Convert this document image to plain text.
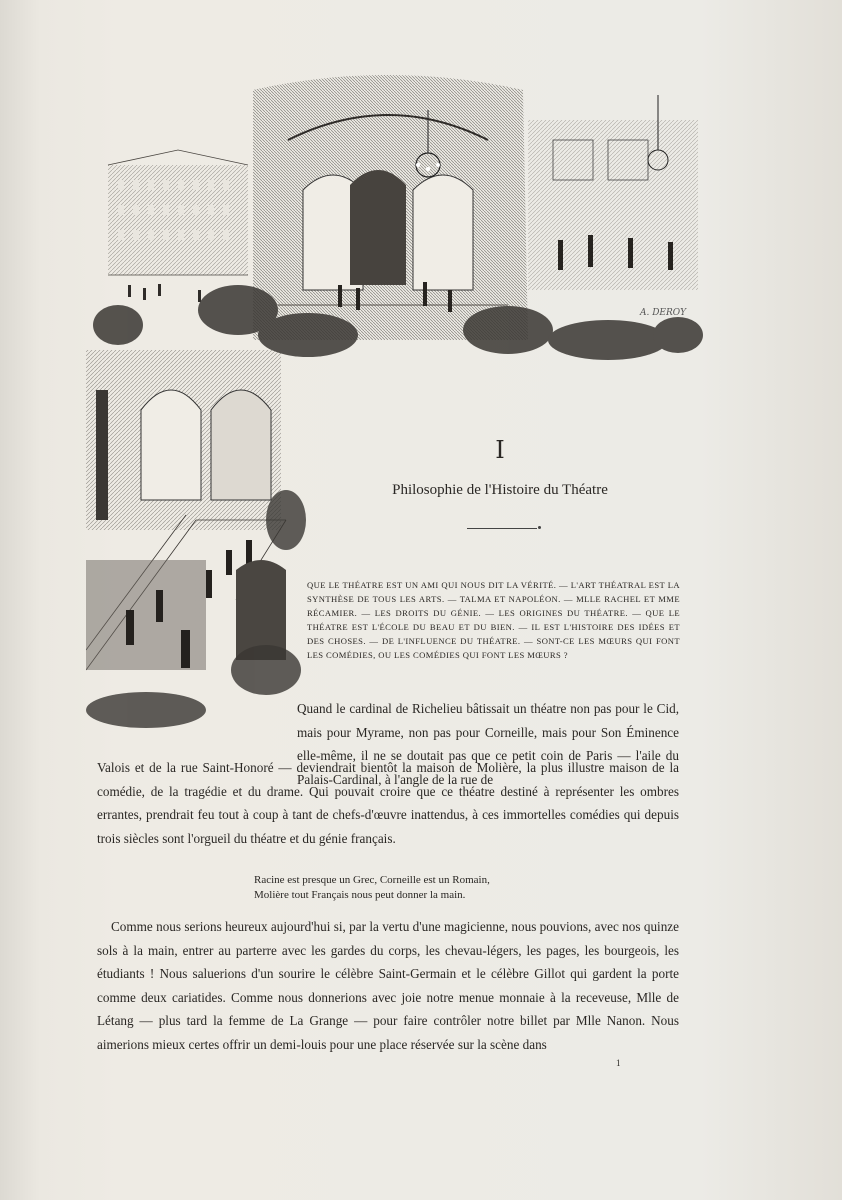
A. DEROY
I
Philosophie de l'Histoire du Théatre
QUE LE THÉATRE EST UN AMI QUI NOUS DIT LA VÉRITÉ. — L'ART THÉATRAL EST LA SYNTHÈSE DE TOUS LES ARTS. — TALMA ET NAPOLÉON. — MLLE RACHEL ET MME RÉCAMIER. — LES DROITS DU GÉNIE. — LES ORIGINES DU THÉATRE. — QUE LE THÉATRE EST L'ÉCOLE DU BEAU ET DU BIEN. — IL EST L'HISTOIRE DES IDÉES ET DES CHOSES. — DE L'INFLUENCE DU THÉATRE. — SONT-CE LES MŒURS QUI FONT LES COMÉDIES, OU LES COMÉDIES QUI FONT LES MŒURS ?
Quand le cardinal de Richelieu bâtissait un théatre non pas pour le Cid, mais pour Myrame, non pas pour Corneille, mais pour Son Éminence elle-même, il ne se doutait pas que ce petit coin de Paris — l'aile du Palais-Cardinal, à l'angle de la rue de
Valois et de la rue Saint-Honoré — deviendrait bientôt la maison de Molière, la plus illustre maison de la comédie, de la tragédie et du drame. Qui pouvait croire que ce théatre destiné à représenter les ombres errantes, prendrait feu tout à coup à tant de chefs-d'œuvre inattendus, à ces immortelles comédies qui depuis trois siècles sont l'orgueil du théatre et du génie français.
Racine est presque un Grec, Corneille est un Romain,
Molière tout Français nous peut donner la main.
Comme nous serions heureux aujourd'hui si, par la vertu d'une magicienne, nous pouvions, avec nos quinze sols à la main, entrer au parterre avec les gardes du corps, les chevau-légers, les pages, les bourgeois, les étudiants ! Nous saluerions d'un sourire le célèbre Saint-Germain et le célèbre Gillot qui gardent la porte comme deux cariatides. Comme nous donnerions avec joie notre menue monnaie à la receveuse, Mlle de Létang — plus tard la femme de La Grange — pour faire contrôler notre billet par Mlle Nanon. Nous aimerions mieux certes offrir un demi-louis pour une place réservée sur la scène dans
1
